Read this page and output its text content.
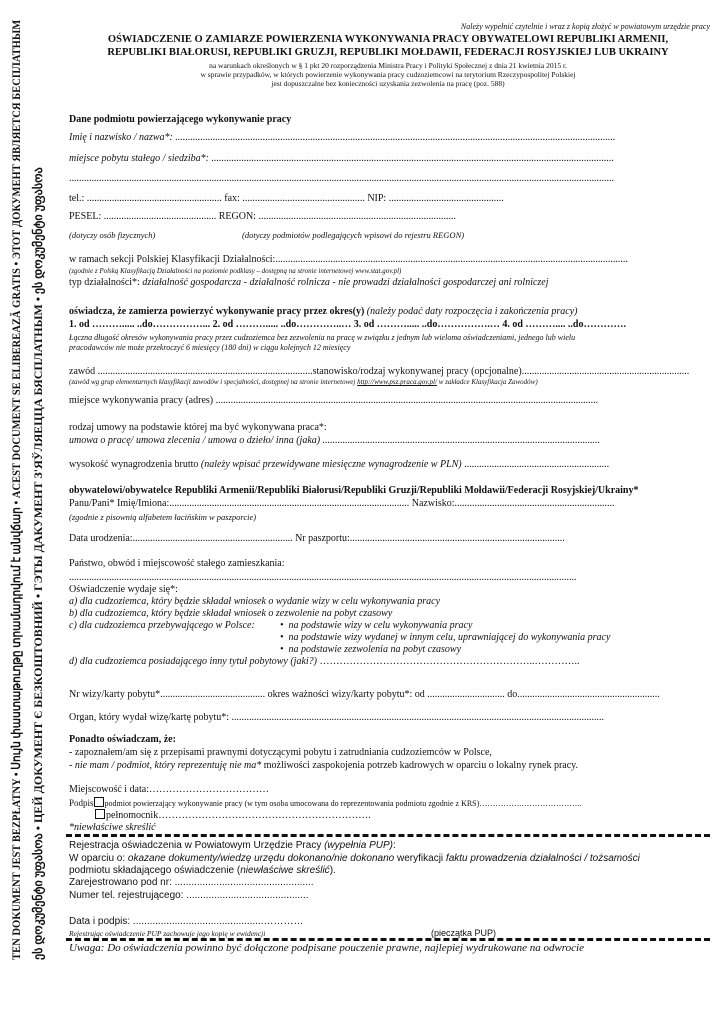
TEN DOKUMENT JEST BEZPŁATNY • Սույն փաստաթուղթը տրամադրվում է անվճար • ACEST DOCUMENT SE ELIBEREAZĂ GRATIS • ЭТОТ ДОКУМЕНТ ЯВЛЯЕТСЯ БЕСПЛАТНЫМ ეს დოკუმენტი უფასოა • ЦЕЙ ДОКУМЕНТ Є БЕЗКОШТОВНИЙ • ГЭТЫ ДАКУМЕНТ З'ЯЎЛЯЕЦЦА БЯСПЛАТНЫМ • ეს დოკუმენტი უფასოა
Należy wypełnić czytelnie i wraz z kopią złożyć w powiatowym urzędzie pracy
OŚWIADCZENIE O ZAMIARZE POWIERZENIA WYKONYWANIA PRACY OBYWATELOWI REPUBLIKI ARMENII,
REPUBLIKI BIAŁORUSI, REPUBLIKI GRUZJI, REPUBLIKI MOŁDAWII, FEDERACJI ROSYJSKIEJ LUB UKRAINY
na warunkach określonych w § 1 pkt 20 rozporządzenia Ministra Pracy i Polityki Społecznej z dnia 21 kwietnia 2015 r.
w sprawie przypadków, w których powierzenie wykonywania pracy cudzoziemcowi na terytorium Rzeczypospolitej Polskiej
jest dopuszczalne bez konieczności uzyskania zezwolenia na pracę (poz. 588)
Dane podmiotu powierzającego wykonywanie pracy
Imię i nazwisko / nazwa*: ................................................................................................................................................................................
miejsce pobytu stałego / siedziba*: .................................................................................................................................................................
..........................................................................................................................................................................................................................
tel.: ...................................................... fax: ................................................. NIP: ..............................................
PESEL: ............................................. REGON: ...............................................................................
(dotyczy osób fizycznych)	(dotyczy podmiotów podlegających wpisowi do rejestru REGON)
w ramach sekcji Polskiej Klasyfikacji Działalności:.............................................................................................................................................
(zgodnie z Polską Klasyfikacją Działalności na poziomie podklasy – dostępną na stronie internetowej www.stat.gov.pl)
typ działalności*: działalność gospodarcza - działalność rolnicza - nie prowadzi działalności gospodarczej ani rolniczej
oświadcza, że zamierza powierzyć wykonywanie pracy przez okres(y) (należy podać daty rozpoczęcia i zakończenia pracy)
1. od ………..... ..do……………... 2. od ………..... ..do…………..… 3. od ………..... ..do…………….… 4. od ……….... ..do………….
Łączna długość okresów wykonywania pracy przez cudzoziemca bez zezwolenia na pracę w związku z jednym lub wieloma oświadczeniami, jednego lub wielu
pracodawców nie może przekroczyć 6 miesięcy (180 dni) w ciągu kolejnych 12 miesięcy
zawód ......................................................................................stanowisko/rodzaj wykonywanej pracy (opcjonalne)...................................................................
(zawód wg grup elementarnych klasyfikacji zawodów i specjalności, dostępnej na stronie internetowej http://www.psz.praca.gov.pl/ w zakładce Klasyfikacja Zawodów)
miejsce wykonywania pracy (adres) .........................................................................................................................................................
rodzaj umowy na podstawie której ma być wykonywana praca*:
umowa o pracę/ umowa zlecenia / umowa o dzieło/ inna (jaka) ...............................................................................................................
wysokość wynagrodzenia brutto (należy wpisać przewidywane miesięczne wynagrodzenie w PLN) ..........................................................
obywatelowi/obywatelce Republiki Armenii/Republiki Białorusi/Republiki Gruzji/Republiki Mołdawii/Federacji Rosyjskiej/Ukrainy*
Panu/Pani* Imię/Imiona:................................................................................................ Nazwisko:................................................................
(zgodnie z pisownią alfabetem łacińskim w paszporcie)
Data urodzenia:................................................................ Nr paszportu:......................................................................................
Państwo, obwód i miejscowość stałego zamieszkania:
...........................................................................................................................................................................................................
Oświadczenie wydaje się*:
a) dla cudzoziemca, który będzie składał wniosek o wydanie wizy w celu wykonywania pracy
b) dla cudzoziemca, który będzie składał wniosek o zezwolenie na pobyt czasowy
c) dla cudzoziemca przebywającego w Polsce:	•  na podstawie wizy w celu wykonywania pracy
•  na podstawie wizy wydanej w innym celu, uprawniającej do wykonywania pracy
•  na podstawie zezwolenia na pobyt czasowy
d) dla cudzoziemca posiadającego inny tytuł pobytowy (jaki?) ………………………………………………………..…………..
Nr wizy/karty pobytu*.......................................... okres ważności wizy/karty pobytu*: od ............................... do.........................................................
Organ, który wydał wizę/kartę pobytu*: .....................................................................................................................................................
Ponadto oświadczam, że:
- zapoznałem/am się z przepisami prawnymi dotyczącymi pobytu i zatrudniania cudzoziemców w Polsce,
- nie mam / podmiot, który reprezentuję nie ma* możliwości zaspokojenia potrzeb kadrowych w oparciu o lokalny rynek pracy.
Miejscowość i data:………………………………
Podpis podmiot powierzający wykonywanie pracy (w tym osoba umocowana do reprezentowania podmiotu zgodnie z KRS)…………….…………………..
pełnomocnik……………………………………………………….
*niewłaściwe skreślić
Rejestracja oświadczenia w Powiatowym Urzędzie Pracy (wypełnia PUP):
W oparciu o: okazane dokumenty/wiedzę urzędu dokonano/nie dokonano weryfikacji faktu prowadzenia działalności / tożsamości
podmiotu składającego oświadczenie (niewłaściwe skreślić).
Zarejestrowano pod nr: ..................................................
Numer tel. rejestrującego: ............................................
Data i podpis: ...............................................…………
Rejestrując oświadczenie PUP zachowuje jego kopię w ewidencji	(pieczątka PUP)
Uwaga: Do oświadczenia powinno być dołączone podpisane pouczenie prawne, najlepiej wydrukowane na odwrocie
